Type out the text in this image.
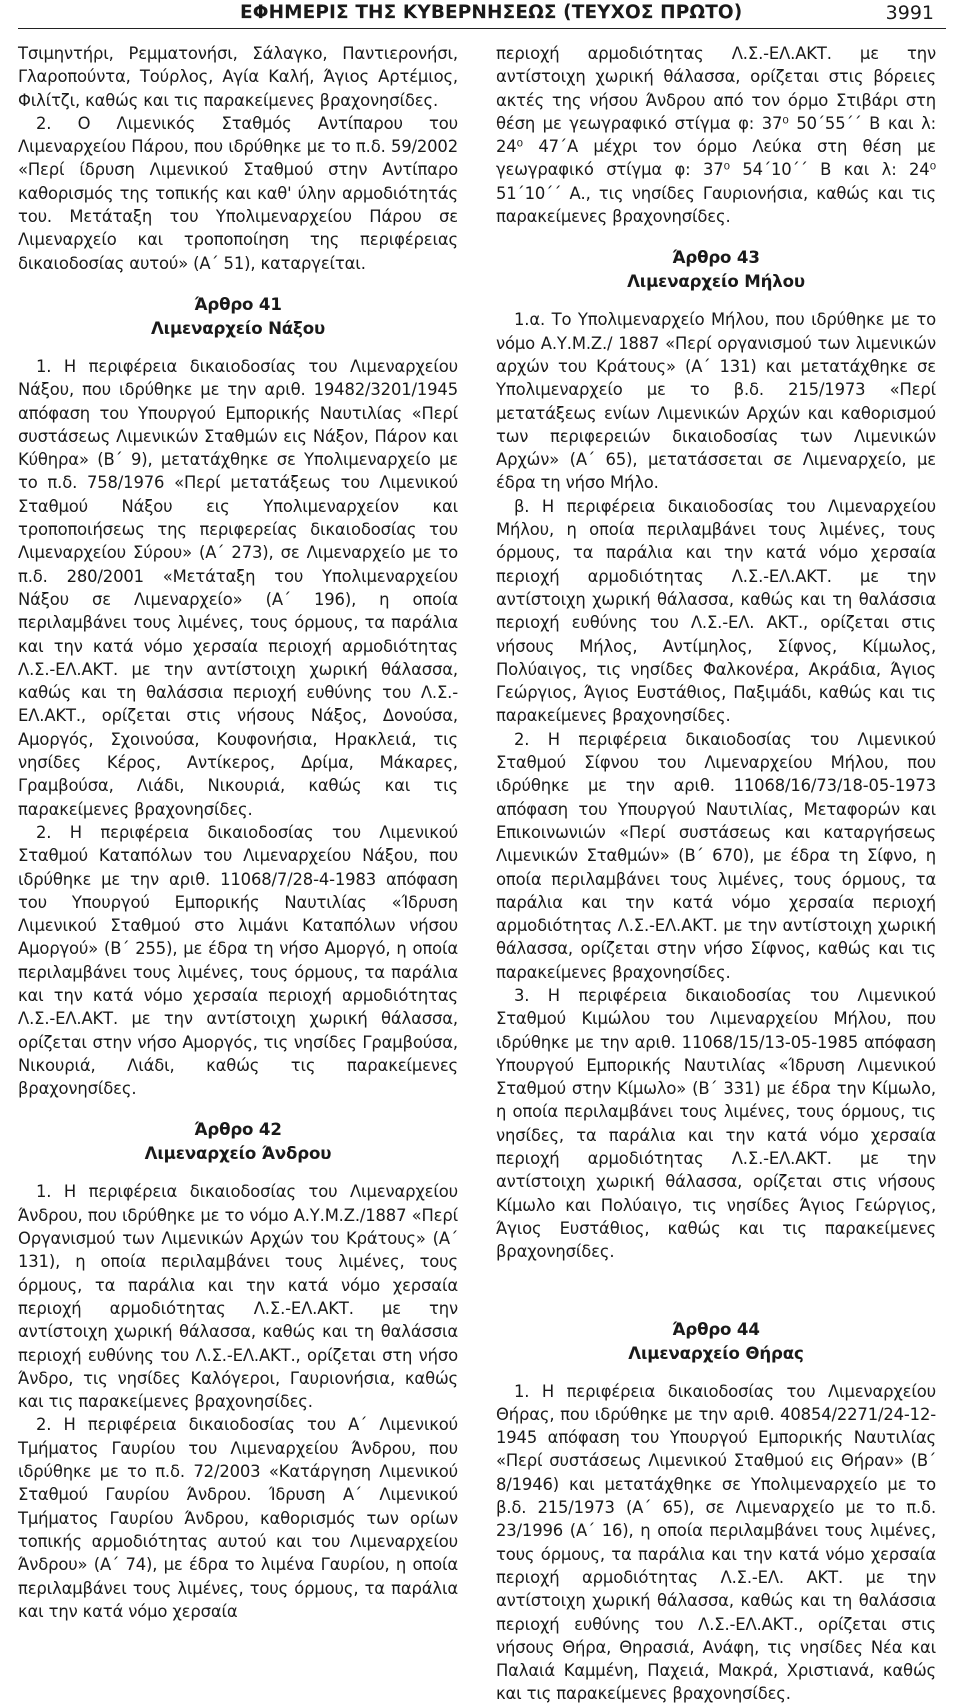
ΕΦΗΜΕΡΙΣ ΤΗΣ ΚΥΒΕΡΝΗΣΕΩΣ (ΤΕΥΧΟΣ ΠΡΩΤΟ)	3991

Τσιμηντήρι, Ρεμματονήσι, Σάλαγκο, Παντιερονήσι, Γλαροπούντα, Τούρλος, Αγία Καλή, Άγιος Αρτέμιος, Φιλίτζι, καθώς και τις παρακείμενες βραχονησίδες.

2. Ο Λιμενικός Σταθμός Αντίπαρου του Λιμεναρχείου Πάρου, που ιδρύθηκε με το π.δ. 59/2002 «Περί ίδρυση Λιμενικού Σταθμού στην Αντίπαρο καθορισμός της τοπικής και καθ' ύλην αρμοδιότητάς του. Μετάταξη του Υπολιμεναρχείου Πάρου σε Λιμεναρχείο και τροποποίηση της περιφέρειας δικαιοδοσίας αυτού» (Α΄ 51), καταργείται.

Άρθρο 41
Λιμεναρχείο Νάξου

1. Η περιφέρεια δικαιοδοσίας του Λιμεναρχείου Νάξου, που ιδρύθηκε με την αριθ. 19482/3201/1945 απόφαση του Υπουργού Εμπορικής Ναυτιλίας «Περί συστάσεως Λιμενικών Σταθμών εις Νάξον, Πάρον και Κύθηρα» (Β΄ 9), μετατάχθηκε σε Υπολιμεναρχείο με το π.δ. 758/1976 «Περί μετατάξεως του Λιμενικού Σταθμού Νάξου εις Υπολιμεναρχείον και τροποποιήσεως της περιφερείας δικαιοδοσίας του Λιμεναρχείου Σύρου» (Α΄ 273), σε Λιμεναρχείο με το π.δ. 280/2001 «Μετάταξη του Υπολιμεναρχείου Νάξου σε Λιμεναρχείο» (Α΄ 196), η οποία περιλαμβάνει τους λιμένες, τους όρμους, τα παράλια και την κατά νόμο χερσαία περιοχή αρμοδιότητας Λ.Σ.-ΕΛ.ΑΚΤ. με την αντίστοιχη χωρική θάλασσα, καθώς και τη θαλάσσια περιοχή ευθύνης του Λ.Σ.-ΕΛ.ΑΚΤ., ορίζεται στις νήσους Νάξος, Δονούσα, Αμοργός, Σχοινούσα, Κουφονήσια, Ηρακλειά, τις νησίδες Κέρος, Αντίκερος, Δρίμα, Μάκαρες, Γραμβούσα, Λιάδι, Νικουριά, καθώς και τις παρακείμενες βραχονησίδες.

2. Η περιφέρεια δικαιοδοσίας του Λιμενικού Σταθμού Καταπόλων του Λιμεναρχείου Νάξου, που ιδρύθηκε με την αριθ. 11068/7/28-4-1983 απόφαση του Υπουργού Εμπορικής Ναυτιλίας «Ίδρυση Λιμενικού Σταθμού στο λιμάνι Καταπόλων νήσου Αμοργού» (Β΄ 255), με έδρα τη νήσο Αμοργό, η οποία περιλαμβάνει τους λιμένες, τους όρμους, τα παράλια και την κατά νόμο χερσαία περιοχή αρμοδιότητας Λ.Σ.-ΕΛ.ΑΚΤ. με την αντίστοιχη χωρική θάλασσα, ορίζεται στην νήσο Αμοργός, τις νησίδες Γραμβούσα, Νικουριά, Λιάδι, καθώς τις παρακείμενες βραχονησίδες.

Άρθρο 42
Λιμεναρχείο Άνδρου

1. Η περιφέρεια δικαιοδοσίας του Λιμεναρχείου Άνδρου, που ιδρύθηκε με το νόμο Α.Υ.Μ.Ζ./1887 «Περί Οργανισμού των Λιμενικών Αρχών του Κράτους» (Α΄ 131), η οποία περιλαμβάνει τους λιμένες, τους όρμους, τα παράλια και την κατά νόμο χερσαία περιοχή αρμοδιότητας Λ.Σ.-ΕΛ.ΑΚΤ. με την αντίστοιχη χωρική θάλασσα, καθώς και τη θαλάσσια περιοχή ευθύνης του Λ.Σ.-ΕΛ.ΑΚΤ., ορίζεται στη νήσο Άνδρο, τις νησίδες Καλόγεροι, Γαυριονήσια, καθώς και τις παρακείμενες βραχονησίδες.

2. Η περιφέρεια δικαιοδοσίας του Α΄ Λιμενικού Τμήματος Γαυρίου του Λιμεναρχείου Άνδρου, που ιδρύθηκε με το π.δ. 72/2003 «Κατάργηση Λιμενικού Σταθμού Γαυρίου Άνδρου. Ίδρυση Α΄ Λιμενικού Τμήματος Γαυρίου Άνδρου, καθορισμός των ορίων τοπικής αρμοδιότητας αυτού και του Λιμεναρχείου Άνδρου» (Α΄ 74), με έδρα το λιμένα Γαυρίου, η οποία περιλαμβάνει τους λιμένες, τους όρμους, τα παράλια και την κατά νόμο χερσαία

περιοχή αρμοδιότητας Λ.Σ.-ΕΛ.ΑΚΤ. με την αντίστοιχη χωρική θάλασσα, ορίζεται στις βόρειες ακτές της νήσου Άνδρου από τον όρμο Στιβάρι στη θέση με γεωγραφικό στίγμα φ: 37⁰ 50΄55΄΄ Β και λ: 24⁰ 47΄Α μέχρι τον όρμο Λεύκα στη θέση με γεωγραφικό στίγμα φ: 37⁰ 54΄10΄΄ Β και λ: 24⁰ 51΄10΄΄ Α., τις νησίδες Γαυριονήσια, καθώς και τις παρακείμενες βραχονησίδες.

Άρθρο 43
Λιμεναρχείο Μήλου

1.α. Το Υπολιμεναρχείο Μήλου, που ιδρύθηκε με το νόμο Α.Υ.Μ.Ζ./ 1887 «Περί οργανισμού των λιμενικών αρχών του Κράτους» (Α΄ 131) και μετατάχθηκε σε Υπολιμεναρχείο με το β.δ. 215/1973 «Περί μετατάξεως ενίων Λιμενικών Αρχών και καθορισμού των περιφερειών δικαιοδοσίας των Λιμενικών Αρχών» (Α΄ 65), μετατάσσεται σε Λιμεναρχείο, με έδρα τη νήσο Μήλο.

β. Η περιφέρεια δικαιοδοσίας του Λιμεναρχείου Μήλου, η οποία περιλαμβάνει τους λιμένες, τους όρμους, τα παράλια και την κατά νόμο χερσαία περιοχή αρμοδιότητας Λ.Σ.-ΕΛ.ΑΚΤ. με την αντίστοιχη χωρική θάλασσα, καθώς και τη θαλάσσια περιοχή ευθύνης του Λ.Σ.-ΕΛ. ΑΚΤ., ορίζεται στις νήσους Μήλος, Αντίμηλος, Σίφνος, Κίμωλος, Πολύαιγος, τις νησίδες Φαλκονέρα, Ακράδια, Άγιος Γεώργιος, Άγιος Ευστάθιος, Παξιμάδι, καθώς και τις παρακείμενες βραχονησίδες.

2. Η περιφέρεια δικαιοδοσίας του Λιμενικού Σταθμού Σίφνου του Λιμεναρχείου Μήλου, που ιδρύθηκε με την αριθ. 11068/16/73/18-05-1973 απόφαση του Υπουργού Ναυτιλίας, Μεταφορών και Επικοινωνιών «Περί συστάσεως και καταργήσεως Λιμενικών Σταθμών» (Β΄ 670), με έδρα τη Σίφνο, η οποία περιλαμβάνει τους λιμένες, τους όρμους, τα παράλια και την κατά νόμο χερσαία περιοχή αρμοδιότητας Λ.Σ.-ΕΛ.ΑΚΤ. με την αντίστοιχη χωρική θάλασσα, ορίζεται στην νήσο Σίφνος, καθώς και τις παρακείμενες βραχονησίδες.

3. Η περιφέρεια δικαιοδοσίας του Λιμενικού Σταθμού Κιμώλου του Λιμεναρχείου Μήλου, που ιδρύθηκε με την αριθ. 11068/15/13-05-1985 απόφαση Υπουργού Εμπορικής Ναυτιλίας «Ίδρυση Λιμενικού Σταθμού στην Κίμωλο» (Β΄ 331) με έδρα την Κίμωλο, η οποία περιλαμβάνει τους λιμένες, τους όρμους, τις νησίδες, τα παράλια και την κατά νόμο χερσαία περιοχή αρμοδιότητας Λ.Σ.-ΕΛ.ΑΚΤ. με την αντίστοιχη χωρική θάλασσα, ορίζεται στις νήσους Κίμωλο και Πολύαιγο, τις νησίδες Άγιος Γεώργιος, Άγιος Ευστάθιος, καθώς και τις παρακείμενες βραχονησίδες.

Άρθρο 44
Λιμεναρχείο Θήρας

1. Η περιφέρεια δικαιοδοσίας του Λιμεναρχείου Θήρας, που ιδρύθηκε με την αριθ. 40854/2271/24-12-1945 απόφαση του Υπουργού Εμπορικής Ναυτιλίας «Περί συστάσεως Λιμενικού Σταθμού εις Θήραν» (Β΄ 8/1946) και μετατάχθηκε σε Υπολιμεναρχείο με το β.δ. 215/1973 (Α΄ 65), σε Λιμεναρχείο με το π.δ. 23/1996 (Α΄ 16), η οποία περιλαμβάνει τους λιμένες, τους όρμους, τα παράλια και την κατά νόμο χερσαία περιοχή αρμοδιότητας Λ.Σ.-ΕΛ. ΑΚΤ. με την αντίστοιχη χωρική θάλασσα, καθώς και τη θαλάσσια περιοχή ευθύνης του Λ.Σ.-ΕΛ.ΑΚΤ., ορίζεται στις νήσους Θήρα, Θηρασιά, Ανάφη, τις νησίδες Νέα και Παλαιά Καμμένη, Παχειά, Μακρά, Χριστιανά, καθώς και τις παρακείμενες βραχονησίδες.
